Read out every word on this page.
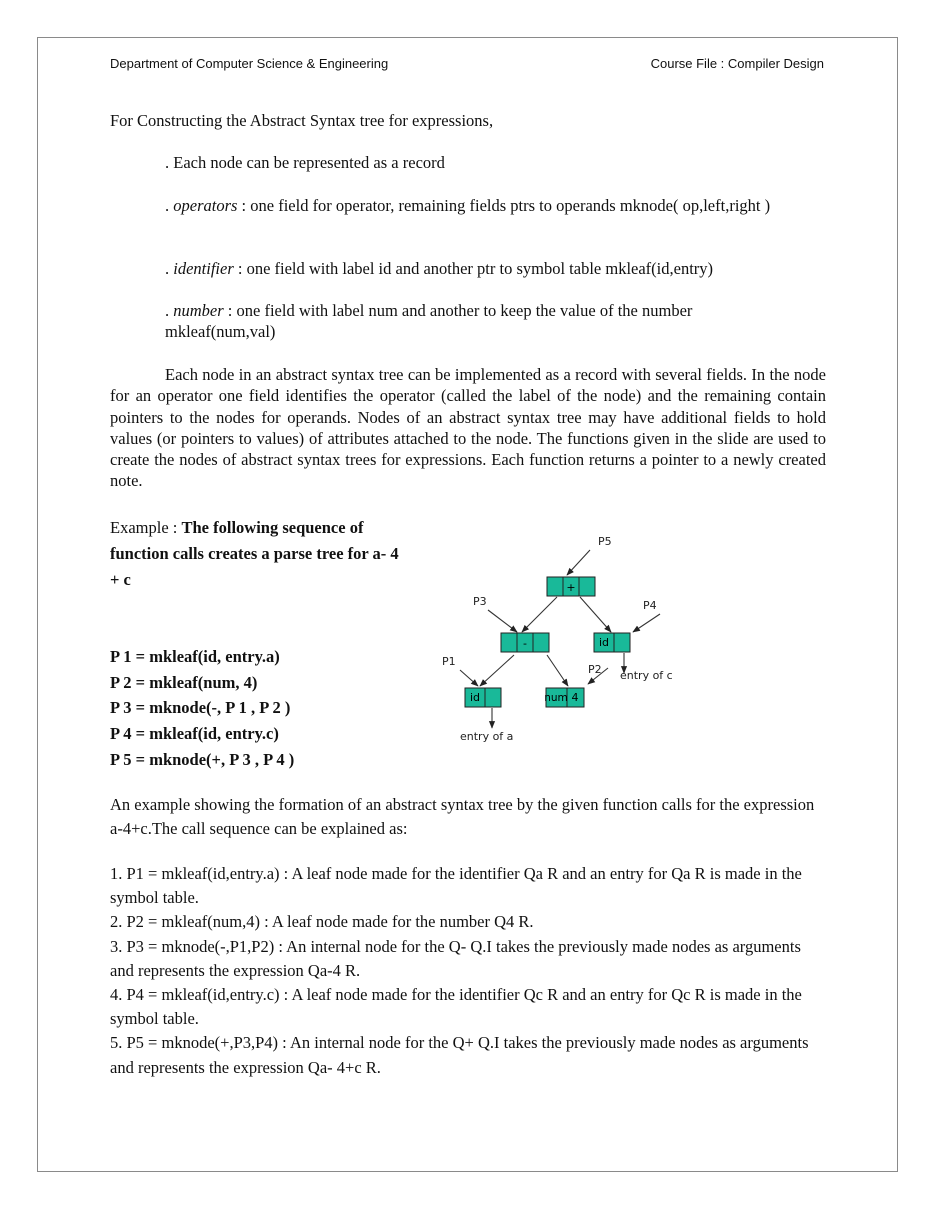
Department of Computer Science & Engineering	Course File : Compiler Design
For Constructing the Abstract Syntax tree for expressions,
. Each node can be represented as a record
. operators : one field for operator, remaining fields ptrs to operands mknode( op,left,right )
. identifier : one field with label id and another ptr to symbol table mkleaf(id,entry)
. number : one field with label num and another to keep the value of the number mkleaf(num,val)
Each node in an abstract syntax tree can be implemented as a record with several fields. In the node for an operator one field identifies the operator (called the label of the node) and the remaining contain pointers to the nodes for operands. Nodes of an abstract syntax tree may have additional fields to hold values (or pointers to values) of attributes attached to the node. The functions given in the slide are used to create the nodes of abstract syntax trees for expressions. Each function returns a pointer to a newly created note.
Example : The following sequence of function calls creates a parse tree for a- 4 + c
P 1 = mkleaf(id, entry.a)
P 2 = mkleaf(num, 4)
P 3 = mknode(-, P 1 , P 2 )
P 4 = mkleaf(id, entry.c)
P 5 = mknode(+, P 3 , P 4 )
+
-	id
id	num 4
P5
P3	P4
P1
P2 entry of c
entry of a
An example showing the formation of an abstract syntax tree by the given function calls for the expression a-4+c.The call sequence can be explained as:
1. P1 = mkleaf(id,entry.a) : A leaf node made for the identifier Qa R and an entry for Qa R is made in the symbol table.
2. P2 = mkleaf(num,4) : A leaf node made for the number Q4 R.
3. P3 = mknode(-,P1,P2) : An internal node for the Q- Q.I takes the previously made nodes as arguments and represents the expression Qa-4 R.
4. P4 = mkleaf(id,entry.c) : A leaf node made for the identifier Qc R and an entry for Qc R is made in the symbol table.
5. P5 = mknode(+,P3,P4) : An internal node for the Q+ Q.I takes the previously made nodes as arguments and represents the expression Qa- 4+c R.
